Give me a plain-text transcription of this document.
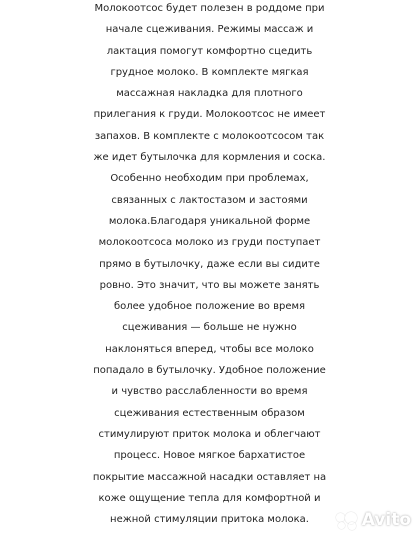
Молокоотсос будет полезен в роддоме при
начале сцеживания. Режимы массаж и
лактация помогут комфортно сцедить
грудное молоко. В комплекте мягкая
массажная накладка для плотного
прилегания к груди. Молокоотсос не имеет
запахов. В комплекте с молокоотсосом так
же идет бутылочка для кормления и соска.
Особенно необходим при проблемах,
связанных с лактостазом и застоями
молока.Благодаря уникальной форме
молокоотсоса молоко из груди поступает
прямо в бутылочку, даже если вы сидите
ровно. Это значит, что вы можете занять
более удобное положение во время
сцеживания — больше не нужно
наклоняться вперед, чтобы все молоко
попадало в бутылочку. Удобное положение
и чувство расслабленности во время
сцеживания естественным образом
стимулируют приток молока и облегчают
процесс. Новое мягкое бархатистое
покрытие массажной насадки оставляет на
коже ощущение тепла для комфортной и
нежной стимуляции притока молока.	Avito
